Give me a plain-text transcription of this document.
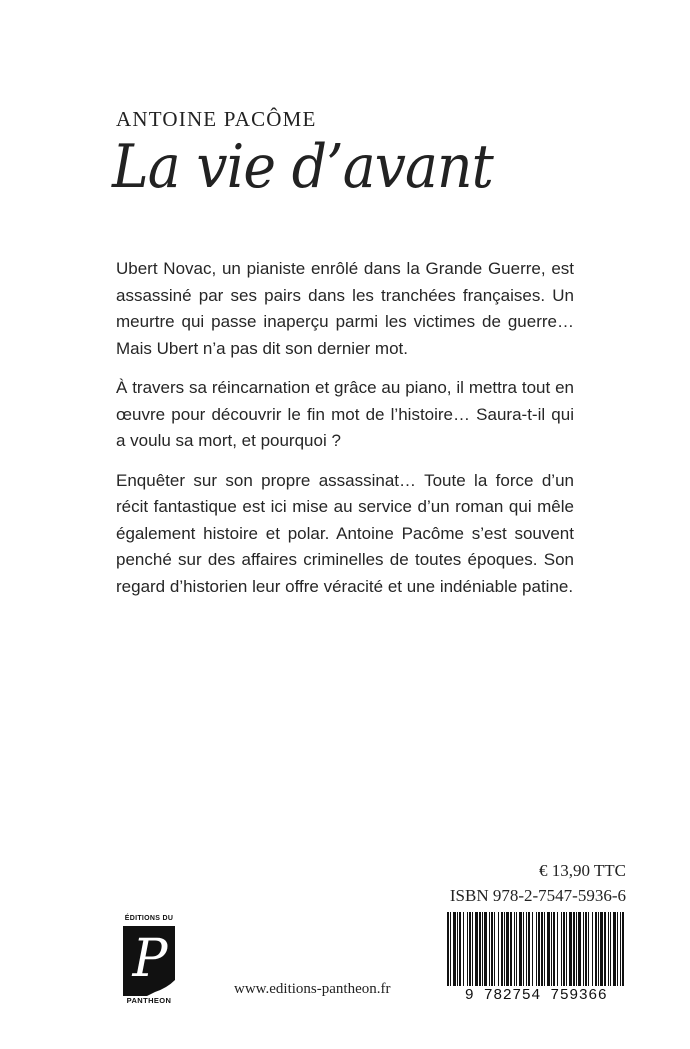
ANTOINE PACÔME
La vie d’avant

Ubert Novac, un pianiste enrôlé dans la Grande Guerre, est assassiné par ses pairs dans les tranchées françaises. Un meurtre qui passe inaperçu parmi les victimes de guerre… Mais Ubert n’a pas dit son dernier mot.

À travers sa réincarnation et grâce au piano, il mettra tout en œuvre pour découvrir le fin mot de l’histoire… Saura-t-il qui a voulu sa mort, et pourquoi ?

Enquêter sur son propre assassinat… Toute la force d’un récit fantastique est ici mise au service d’un roman qui mêle également histoire et polar. Antoine Pacôme s’est souvent penché sur des affaires criminelles de toutes époques. Son regard d’historien leur offre véracité et une indéniable patine.

€ 13,90 TTC
ISBN 978-2-7547-5936-6
9 782754 759366
ÉDITIONS DU
P
PANTHEON
www.editions-pantheon.fr
